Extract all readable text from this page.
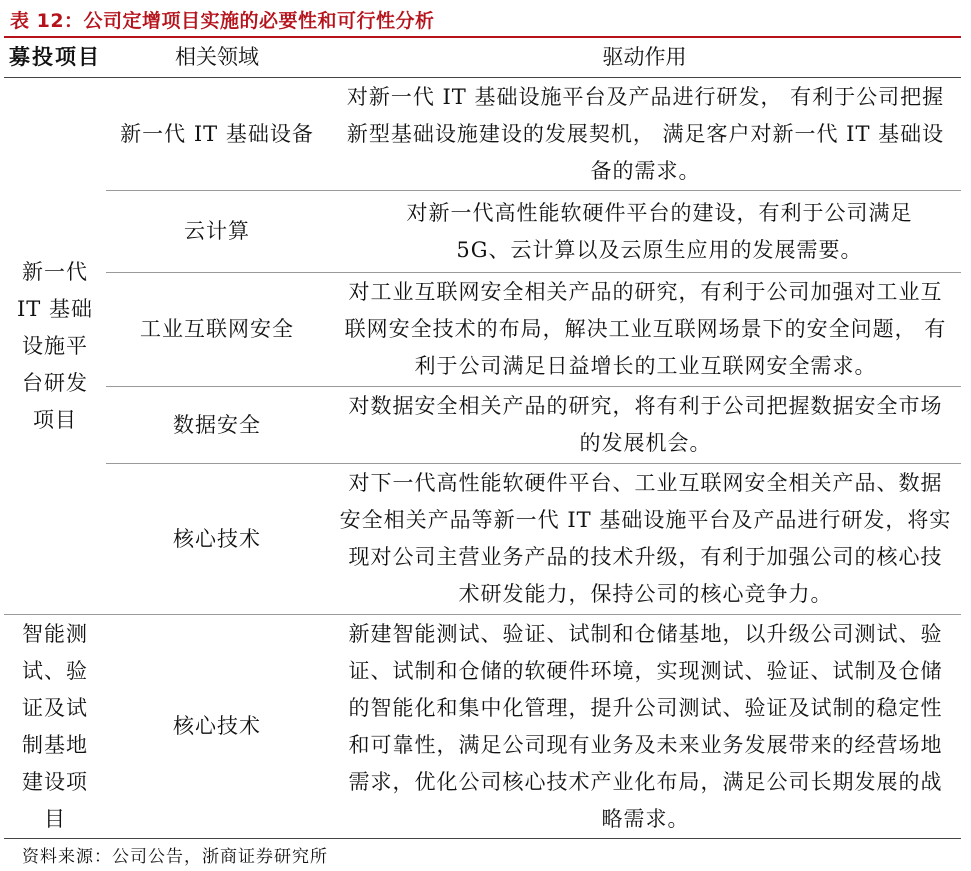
表 12：公司定增项目实施的必要性和可行性分析
募投项目	相关领域	驱动作用
新一代 IT 基础设施平台研发项目	新一代 IT 基础设备	对新一代 IT 基础设施平台及产品进行研发， 有利于公司把握新型基础设施建设的发展契机， 满足客户对新一代 IT 基础设备的需求。
	云计算	对新一代高性能软硬件平台的建设，有利于公司满足5G、云计算以及云原生应用的发展需要。
	工业互联网安全	对工业互联网安全相关产品的研究，有利于公司加强对工业互联网安全技术的布局，解决工业互联网场景下的安全问题， 有利于公司满足日益增长的工业互联网安全需求。
	数据安全	对数据安全相关产品的研究，将有利于公司把握数据安全市场的发展机会。
	核心技术	对下一代高性能软硬件平台、工业互联网安全相关产品、数据安全相关产品等新一代 IT 基础设施平台及产品进行研发，将实现对公司主营业务产品的技术升级，有利于加强公司的核心技术研发能力，保持公司的核心竞争力。
智能测试、验证及试制基地建设项目	核心技术	新建智能测试、验证、试制和仓储基地，以升级公司测试、验证、试制和仓储的软硬件环境，实现测试、验证、试制及仓储的智能化和集中化管理，提升公司测试、验证及试制的稳定性和可靠性，满足公司现有业务及未来业务发展带来的经营场地需求，优化公司核心技术产业化布局，满足公司长期发展的战略需求。
资料来源：公司公告，浙商证券研究所
